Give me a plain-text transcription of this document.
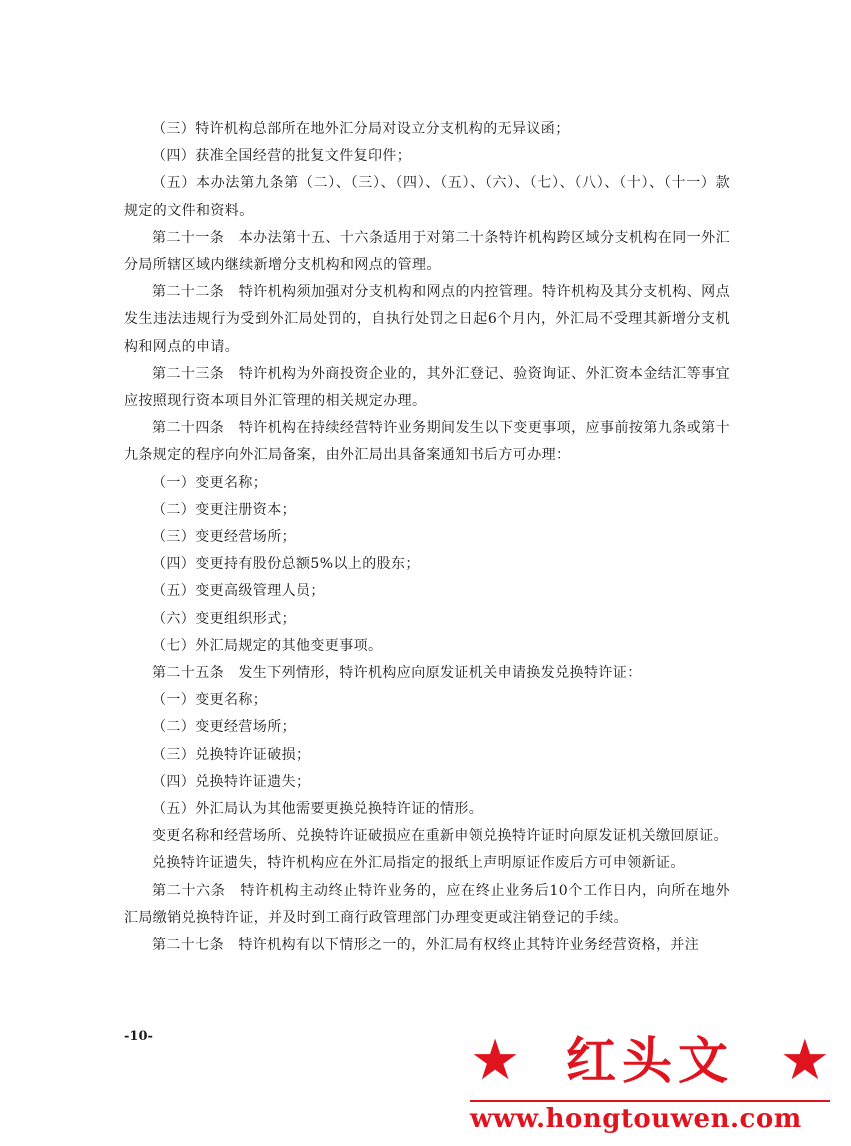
（三）特许机构总部所在地外汇分局对设立分支机构的无异议函；

（四）获准全国经营的批复文件复印件；

（五）本办法第九条第（二）、（三）、（四）、（五）、（六）、（七）、（八）、（十）、（十一）款规定的文件和资料。

第二十一条　本办法第十五、十六条适用于对第二十条特许机构跨区域分支机构在同一外汇分局所辖区域内继续新增分支机构和网点的管理。

第二十二条　特许机构须加强对分支机构和网点的内控管理。特许机构及其分支机构、网点发生违法违规行为受到外汇局处罚的，自执行处罚之日起6个月内，外汇局不受理其新增分支机构和网点的申请。

第二十三条　特许机构为外商投资企业的，其外汇登记、验资询证、外汇资本金结汇等事宜应按照现行资本项目外汇管理的相关规定办理。

第二十四条　特许机构在持续经营特许业务期间发生以下变更事项，应事前按第九条或第十九条规定的程序向外汇局备案，由外汇局出具备案通知书后方可办理：

（一）变更名称；

（二）变更注册资本；

（三）变更经营场所；

（四）变更持有股份总额5%以上的股东；

（五）变更高级管理人员；

（六）变更组织形式；

（七）外汇局规定的其他变更事项。

第二十五条　发生下列情形，特许机构应向原发证机关申请换发兑换特许证：

（一）变更名称；

（二）变更经营场所；

（三）兑换特许证破损；

（四）兑换特许证遗失；

（五）外汇局认为其他需要更换兑换特许证的情形。

变更名称和经营场所、兑换特许证破损应在重新申领兑换特许证时向原发证机关缴回原证。

兑换特许证遗失，特许机构应在外汇局指定的报纸上声明原证作废后方可申领新证。

第二十六条　特许机构主动终止特许业务的，应在终止业务后10个工作日内，向所在地外汇局缴销兑换特许证，并及时到工商行政管理部门办理变更或注销登记的手续。

第二十七条　特许机构有以下情形之一的，外汇局有权终止其特许业务经营资格，并注

-10-	★ 红头文 ★
www.hongtouwen.com
